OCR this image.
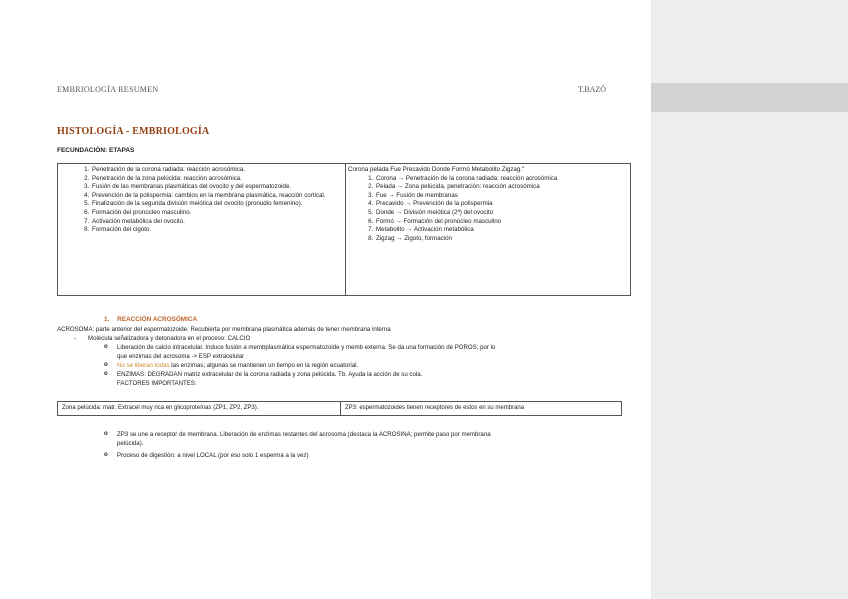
EMBRIOLOGÍA RESUMEN	T.BAZÓ
HISTOLOGÍA - EMBRIOLOGÍA
FECUNDACIÓN: ETAPAS
1. Penetración de la corona radiada: reacción acrosómica.
2. Penetración de la zona pelúcida: reacción acrosómica.
3. Fusión de las membranas plasmáticas del ovocito y del espermatozoide.
4. Prevención de la polispermia: cambios en la membrana plasmática, reacción cortical.
5. Finalización de la segunda división meiótica del ovocito (pronudio femenino).
6. Formación del pronúcleo masculino.
7. Activación metabólica del ovocito.
8. Formación del cigoto.
Corona pelada Fue Precavido Donde Formó Metabolito Zigzag."
1. Corona → Penetración de la corona radiada: reacción acrosómica
2. Pelada → Zona pelúcida, penetración: reacción acrosómica
3. Fue → Fusión de membranas
4. Precavido → Prevención de la polispermia
5. Donde → División meiótica (2ª) del ovocito
6. Formó → Formación del pronúcleo masculino
7. Metabolito → Activación metabólica
8. Zigzag → Zigoto, formación
1. REACCIÓN ACROSÓMICA
ACROSOMA: parte anterior del espermatozoide. Recubierta por membrana plasmática además de tener membrana interna
- Molécula señalizadora y detonadora en el proceso: CALCIO
o Liberación de calcio intracelular. Induce fusión a membplasmática espermatozoide y memb externa. Se da una formación de POROS; por lo
que enzimas del acrosoma -> ESP extracelular
o No se liberan todas las enzimas; algunas se mantienen un tiempo en la región ecuatorial.
o ENZIMAS: DEGRADAN matriz extracelular de la corona radiada y zona pelúcida. Tb. Ayuda la acción de su cola.
FACTORES IMPORTANTES:
Zona pelúcida: matr. Extracel muy rica en glicoproteínas (ZP1, ZP2, ZP3).	ZP3: espermatozoides tienen receptores de estos en su membrana
o ZP3 se une a receptor de membrana. Liberación de enzimas restantes del acrosoma (destaca la ACROSINA; permite paso por membrana
pelúcida).
o Proceso de digestión: a nivel LOCAL (por eso solo 1 esperma a la vez)
